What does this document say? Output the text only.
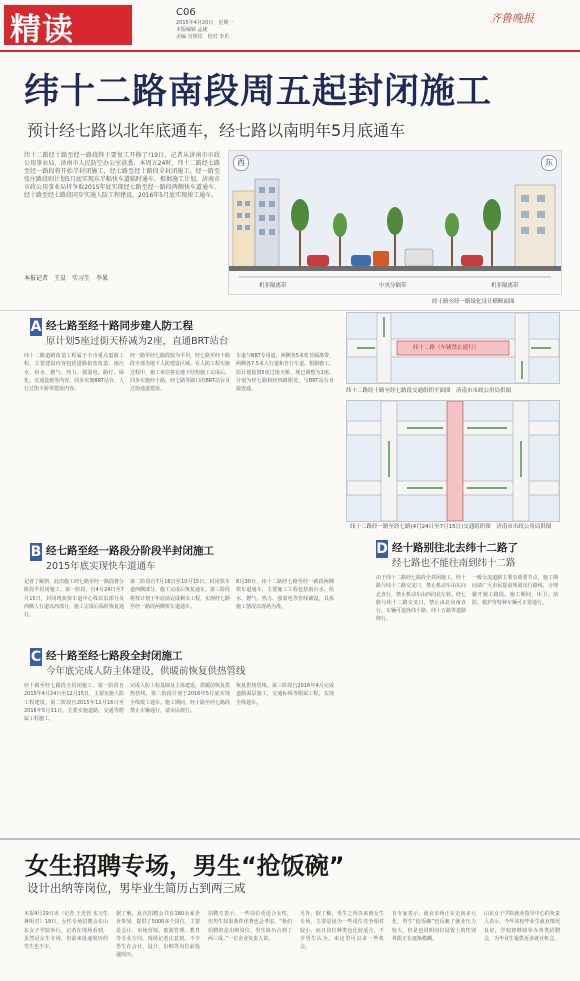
精读	C06
2015年4月20日　星期一
本版编辑 孟婕
美编 宫照昆　校对 李乐
齐鲁晚报
纬十二路南段周五起封闭施工
预计经七路以北年底通车，经七路以南明年5月底通车
纬十二路经十路至经一路段终于要复工开修了!19日，记者从济南市市政公用事业局、济南市人民防空办公室获悉，本周五24时，纬十二路经七路至经一路段将开始半封闭施工，经七路至经十路段全封闭施工。经一路至张庄路段则计划5月底实现东半幅快车道临时通车。根据施工计划，济南市市政公用事业局将争取2015年底实现经七路至经一路段两侧快车道通车，经十路至经七路段同步实施人防工程建设，2016年5月底实现竣工通车。
本报记者　王皇　实习生　李果
西	东
机非隔离带	中央分隔带	机非隔离带
经十路至经一路绿化设计横断面图
A 经七路至经十路同步建人防工程
原计划5座过街天桥减为2座，直通BRT站台
纬十二路道路改造工程属于全市重点道路工程，主要建设内容包括道路拓宽改造、雨污水、给水、燃气、热力、强弱电、路灯、绿化、交通设施等内容。同步实施BRT站台、人行过街天桥等建设内容。
经一路至经七路段较为平坦，经七路至经十路段全部为地下人防建设区域。在人防工程实施过程中，施工单位将在地下结构施工完成后，同步实施经十路、经七路等路口的BRT站台及过街通道建设。
车道与BRT专用道，两侧各5米机非隔离带，两侧各7.5米人行道和自行车道。根据施工，原计划设置5座过街天桥，现已调整为2座，分别为经七路和经四路附近，与BRT站台直接连通。
纬十二路（车辆禁止通行）
纬十二路经十路至经七路段交通组织平面图　济南市市政公用局供图
纬十二路经一路至经七路(4月24日至7月15日)交通组织图　济南市市政公用局供图
B 经七路至经一路段分阶段半封闭施工
2015年底实现快车道通车
记者了解到，此次施工经七路至经一路段将分阶段半封闭施工。第一阶段，自4月24日至7月15日，封闭现状快车道中心线以东部分及西侧人行道以西部分，施工完成后临时恢复通行。
第二阶段自7月16日至10月15日，封闭快车道西侧部分，施工完成后恢复通车。第三阶段将按计划于年底前完成剩余工程，实现经七路至经一路段两侧快车道通车。
8月30日，纬十二路经七路至经一路段两侧快车道通车，主要施工工程包括雨污水、给水、燃气、热力、强弱电等管线铺设，具体施工情况以现场为准。
C 经十路至经七路段全封闭施工
今年底完成人防主体建设，供暖前恢复供热管线
经十路至经七路段全封闭施工。第一阶段自2015年4月24日至12月15日，主要实施人防工程建设。第二阶段自2015年12月16日至2016年5月31日，主要实施道路、交通等附属工程施工。
完成人防工程基础及主体建设，供暖前恢复供热管线。第二阶段计划于2016年5月底实现全线竣工通车。施工期间，经十路至经七路段禁止车辆通行，请市民绕行。
恢复供热管线。第三阶段自2016年4月完成道路面层施工，交通标线等附属工程，实现全线通车。
D 经十路别往北去纬十二路了
经七路也不能往南到纬十二路
由于纬十二路经七路段全封闭施工，经十路与纬十二路交叉口，禁止机动车由东向北直行，禁止机动车由西向北左转。经七路与纬十二路交叉口，禁止由北向南直行。车辆可选择纬十路、纬十五路等道路绕行。
一级分流道路主要有重要节点，施工期间请广大市民提前规划出行路线，合理避开施工路段。施工期间，环卫、消防、救护等特种车辆可正常通行。
女生招聘专场，男生“抢饭碗”
设计出纳等岗位，男毕业生简历占到两三成
本报4月19日讯（记者 王光营 实习生 蒋明君）19日，女性专场招聘会在山东女子学院举行，记者在现场看到，虽然是女生专场，但前来投递简历的男生也不少。
据了解，此次招聘会共有180余家企业参加，提供了5000多个岗位，主要是会计、市场营销、旅游管理、教育等专业方向。现场记者注意到，不少男生在会计、设计、出纳等岗位前投递简历。
招聘方表示，一些岗位更适合女性，但男生如果条件优秀也会考虑。“我们招聘的是出纳岗位，男生简历占到了两三成。”一位企业负责人说。
另外，据了解，男生之所以来到女生专场，主要是因为一些岗位竞争相对较小，而且岗位种类也比较适合。不少男生认为，来这里可以多一些机会。
有专家表示，就业市场正在走向多元化，男生“抢饭碗”也反映了就业压力较大，但是也说明岗位设置上的性别界限正在逐渐模糊。
山东女子学院就业指导中心的负责人表示，今年该校毕业生就业情况良好，学校将继续举办各类招聘会，为毕业生提供更多就业机会。
